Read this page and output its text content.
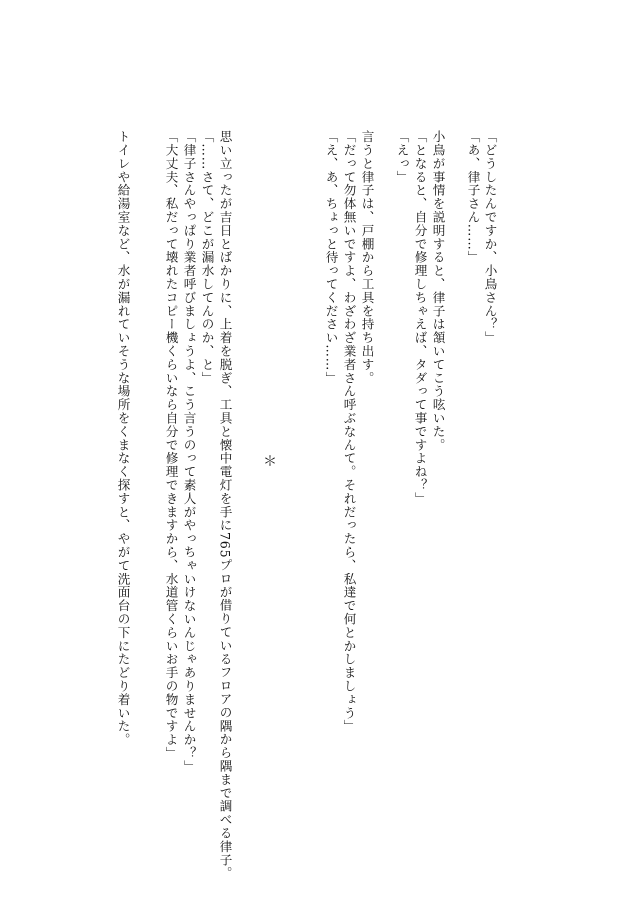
「どうしたんですか、小鳥さん？」
「あ、律子さん……」
小鳥が事情を説明すると、律子は頷いてこう呟いた。
「となると、自分で修理しちゃえば、タダって事ですよね？」
「えっ」
言うと律子は、戸棚から工具を持ち出す。
「だって勿体無いですよ、わざわざ業者さん呼ぶなんて。それだったら、私達で何とかしましょう」
「え、あ、ちょっと待ってください……」
＊
思い立ったが吉日とばかりに、上着を脱ぎ、工具と懐中電灯を手に765プロが借りているフロアの隅から隅まで調べる律子。
「……さて、どこが漏水してんのか、と」
「律子さんやっぱり業者呼びましょうよ、こう言うのって素人がやっちゃいけないんじゃありませんか？」
「大丈夫、私だって壊れたコピー機くらいなら自分で修理できますから、水道管くらいお手の物ですよ」
トイレや給湯室など、水が漏れていそうな場所をくまなく探すと、やがて洗面台の下にたどり着いた。
